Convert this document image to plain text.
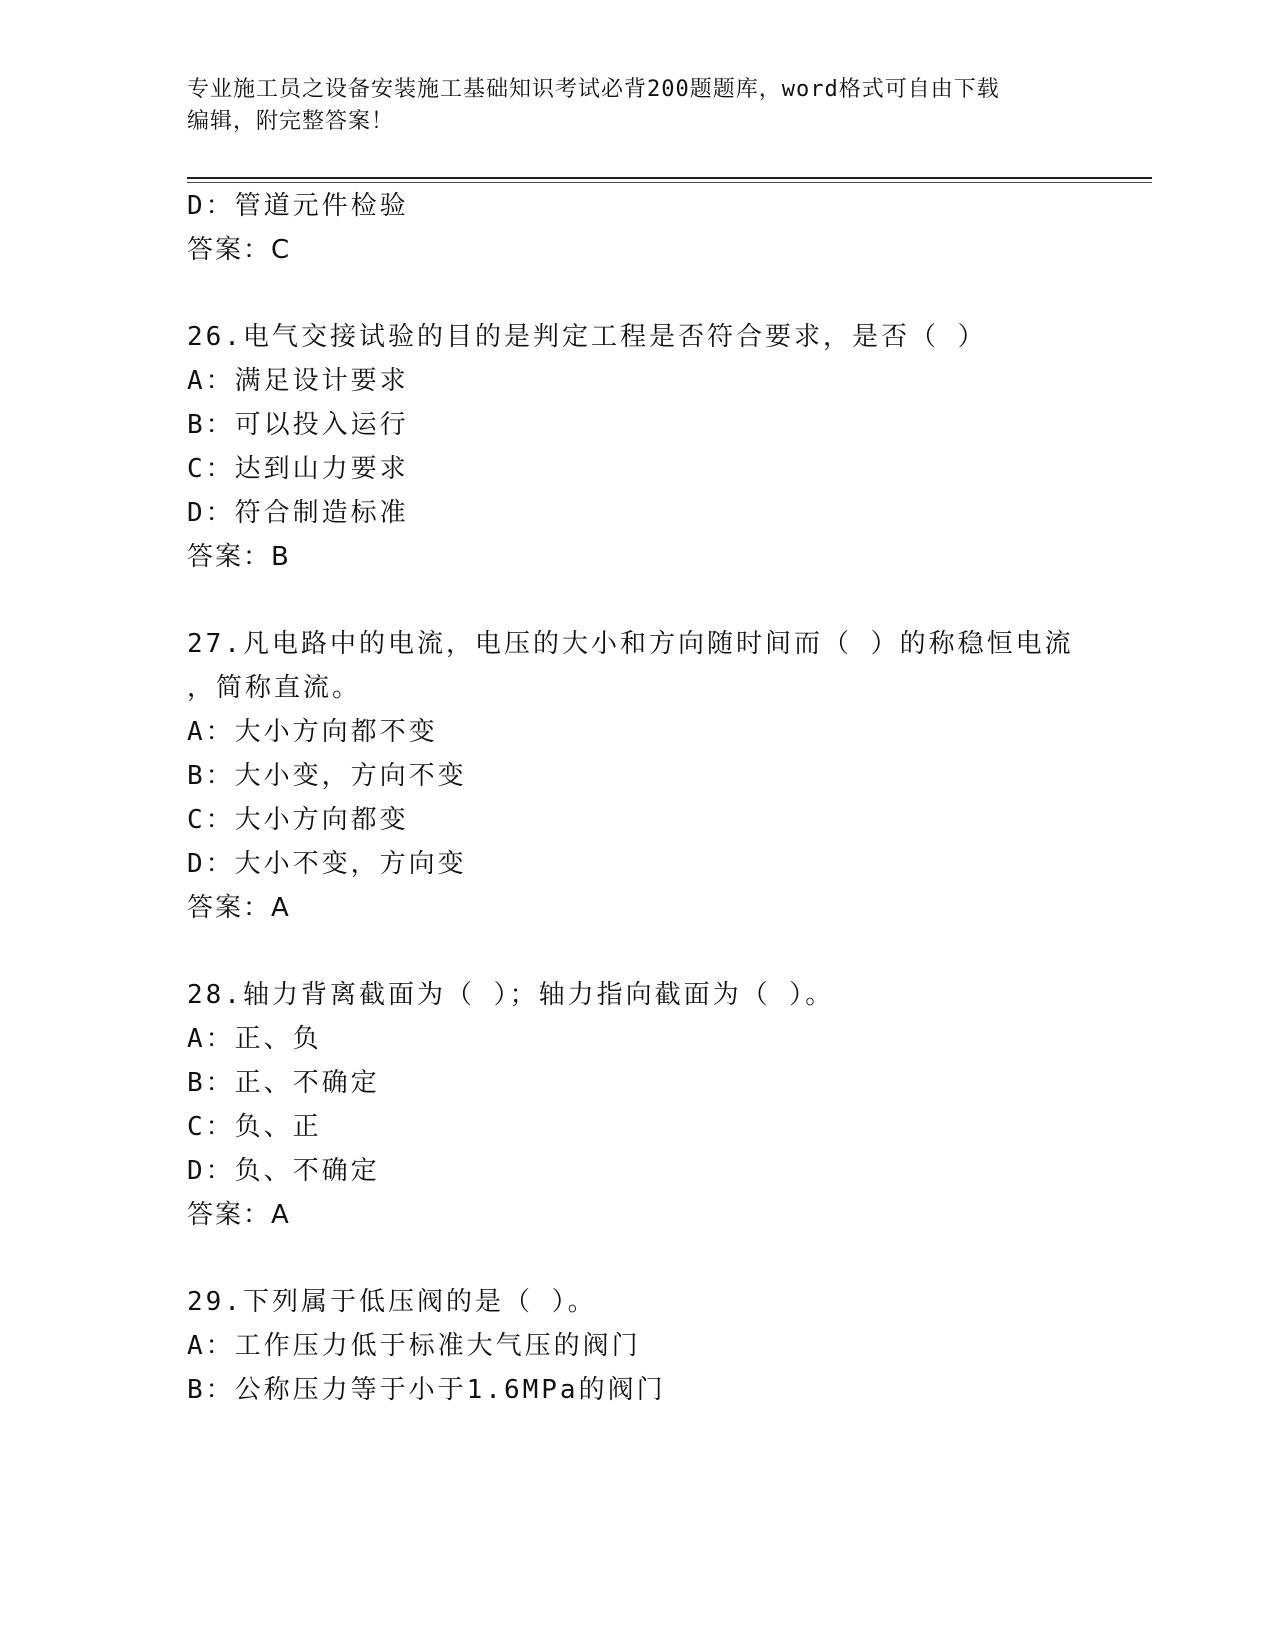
专业施工员之设备安装施工基础知识考试必背200题题库，word格式可自由下载
编辑，附完整答案！
D：管道元件检验
答案：C
26.电气交接试验的目的是判定工程是否符合要求，是否（ ）
A：满足设计要求
B：可以投入运行
C：达到山力要求
D：符合制造标准
答案：B
27.凡电路中的电流，电压的大小和方向随时间而（ ）的称稳恒电流
，简称直流。
A：大小方向都不变
B：大小变，方向不变
C：大小方向都变
D：大小不变，方向变
答案：A
28.轴力背离截面为（ ）；轴力指向截面为（ ）。
A：正、负
B：正、不确定
C：负、正
D：负、不确定
答案：A
29.下列属于低压阀的是（ ）。
A：工作压力低于标准大气压的阀门
B：公称压力等于小于1.6MPa的阀门
